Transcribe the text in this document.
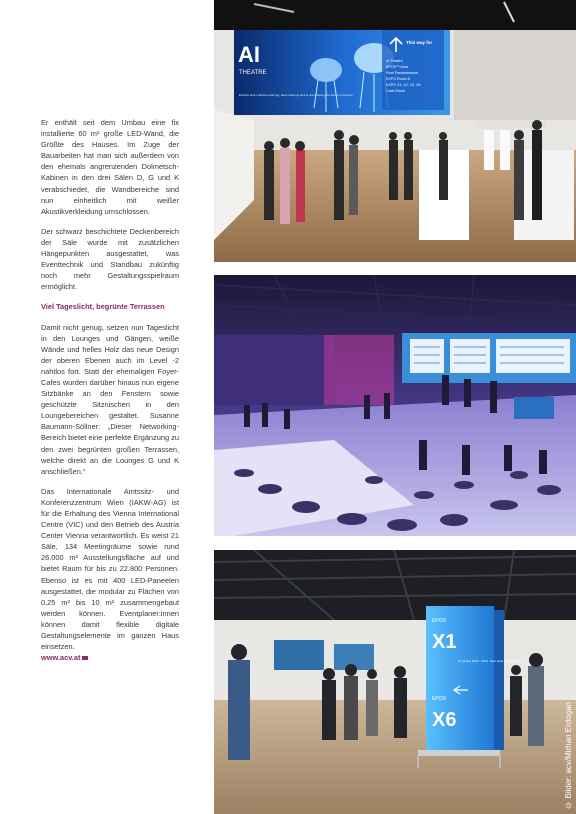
Er enthält seit dem Umbau eine fix installierte 60 m² große LED-Wand, die Größte des Hauses. Im Zuge der Bauarbeiten hat man sich außerdem von den ehemals angrenzenden Dolmetsch-Kabinen in den drei Sälen D, G und K verabschiedet, die Wandbereiche sind nun einheitlich mit weißer Akustikverkleidung umschlossen.

Der schwarz beschichtete Deckenbereich der Säle wurde mit zusätzlichen Hängepunkten ausgestattet, was Eventtechnik und Standbau zukünftig noch mehr Gestaltungsspielraum ermöglicht.

Viel Tageslicht, begrünte Terrassen

Damit nicht genug, setzen nun Tageslicht in den Lounges und Gängen, weiße Wände und helles Holz das neue Design der oberen Ebenen auch im Level -2 nahtlos fort. Statt der ehemaligen Foyer-Cafes wurden darüber hinaus nun eigene Sitzbänke an den Fenstern sowie geschützte Sitznischen in den Loungebereichen gestaltet. Susanne Baumann-Söllner: „Dieser Networking-Bereich bietet eine perfekte Ergänzung zu den zwei begrünten großen Terrassen, welche direkt an die Lounges G und K anschließen.“

Das Internationale Amtssitz- und Konferenzzentrum Wien (IAKW-AG) ist für die Erhaltung des Vienna International Centre (VIC) und den Betrieb des Austria Center Vienna verantwortlich. Es weist 21 Säle, 134 Meetingräume sowie rund 26.000 m² Ausstellungsfläche auf und bietet Raum für bis zu 22.800 Personen. Ebenso ist es mit 400 LED-Paneelen ausgestattet, die modular zu Flächen von 0,25 m² bis 10 m² zusammengebaut werden können. Eventplaner:innen können damit flexible digitale Gestaltungselemente im ganzen Haus einsetzen.

www.acv.at
AI
THEATRE
Explore how machine learning, deep learning and AI are shaping the future of science
This way for
AI Theatre
EPOS™ Area
Pixel Pandemonium
EXPO Room D
EXPO X1, X2, X3, X6
Coat Check
EPOS
X1
EPOS
X6
Fri, 24 Nov, 08:00 – 18:00 · Floor Level · EXPO Room X1
© Bilder: acv/Mirhan Erdogan
